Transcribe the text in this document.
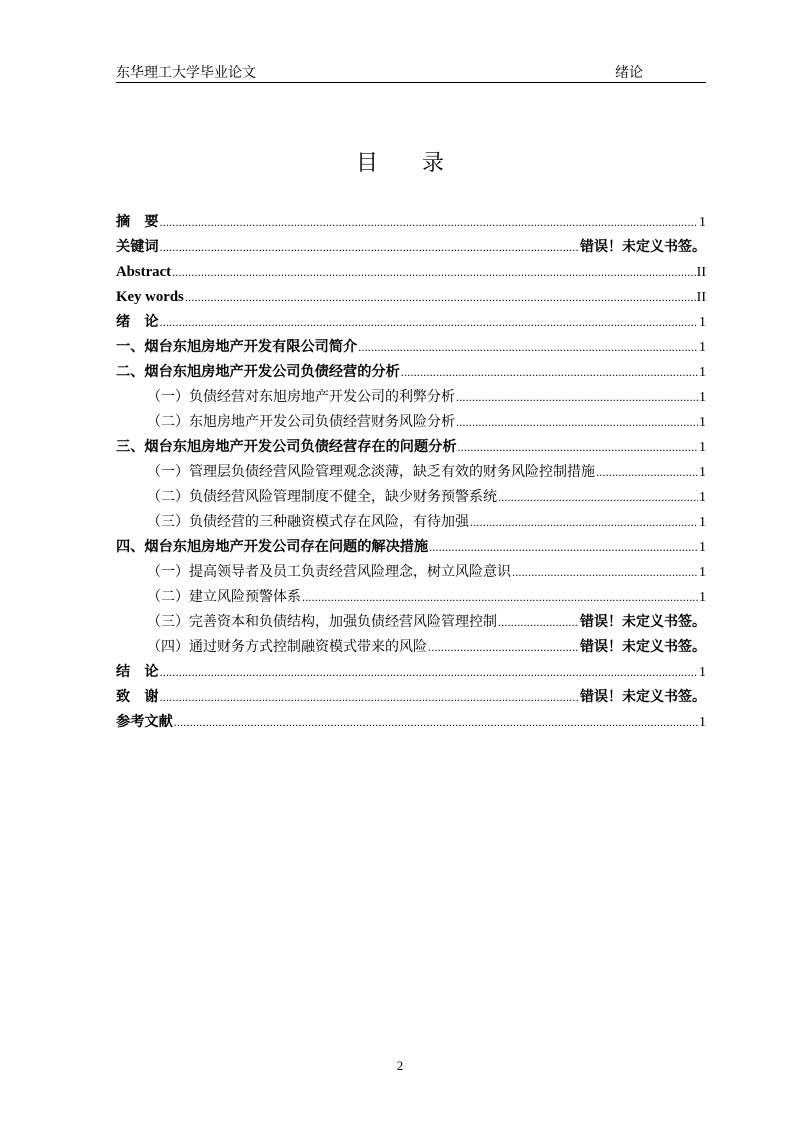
东华理工大学毕业论文	绪论
目录
摘　要 .....	1
关键词 .....	错误！未定义书签。
Abstract .....	II
Key words .....	II
绪　论 .....	1
一、烟台东旭房地产开发有限公司简介 .....	1
二、烟台东旭房地产开发公司负债经营的分析 .....	1
（一）负债经营对东旭房地产开发公司的利弊分析 .....	1
（二）东旭房地产开发公司负债经营财务风险分析 .....	1
三、烟台东旭房地产开发公司负债经营存在的问题分析 .....	1
（一）管理层负债经营风险管理观念淡薄，缺乏有效的财务风险控制措施 .....	1
（二）负债经营风险管理制度不健全，缺少财务预警系统 .....	1
（三）负债经营的三种融资模式存在风险，有待加强 .....	1
四、烟台东旭房地产开发公司存在问题的解决措施 .....	1
（一）提高领导者及员工负责经营风险理念，树立风险意识 .....	1
（二）建立风险预警体系 .....	1
（三）完善资本和负债结构，加强负债经营风险管理控制 .....	错误！未定义书签。
（四）通过财务方式控制融资模式带来的风险 .....	错误！未定义书签。
结　论 .....	1
致　谢 .....	错误！未定义书签。
参考文献 .....	1
2
